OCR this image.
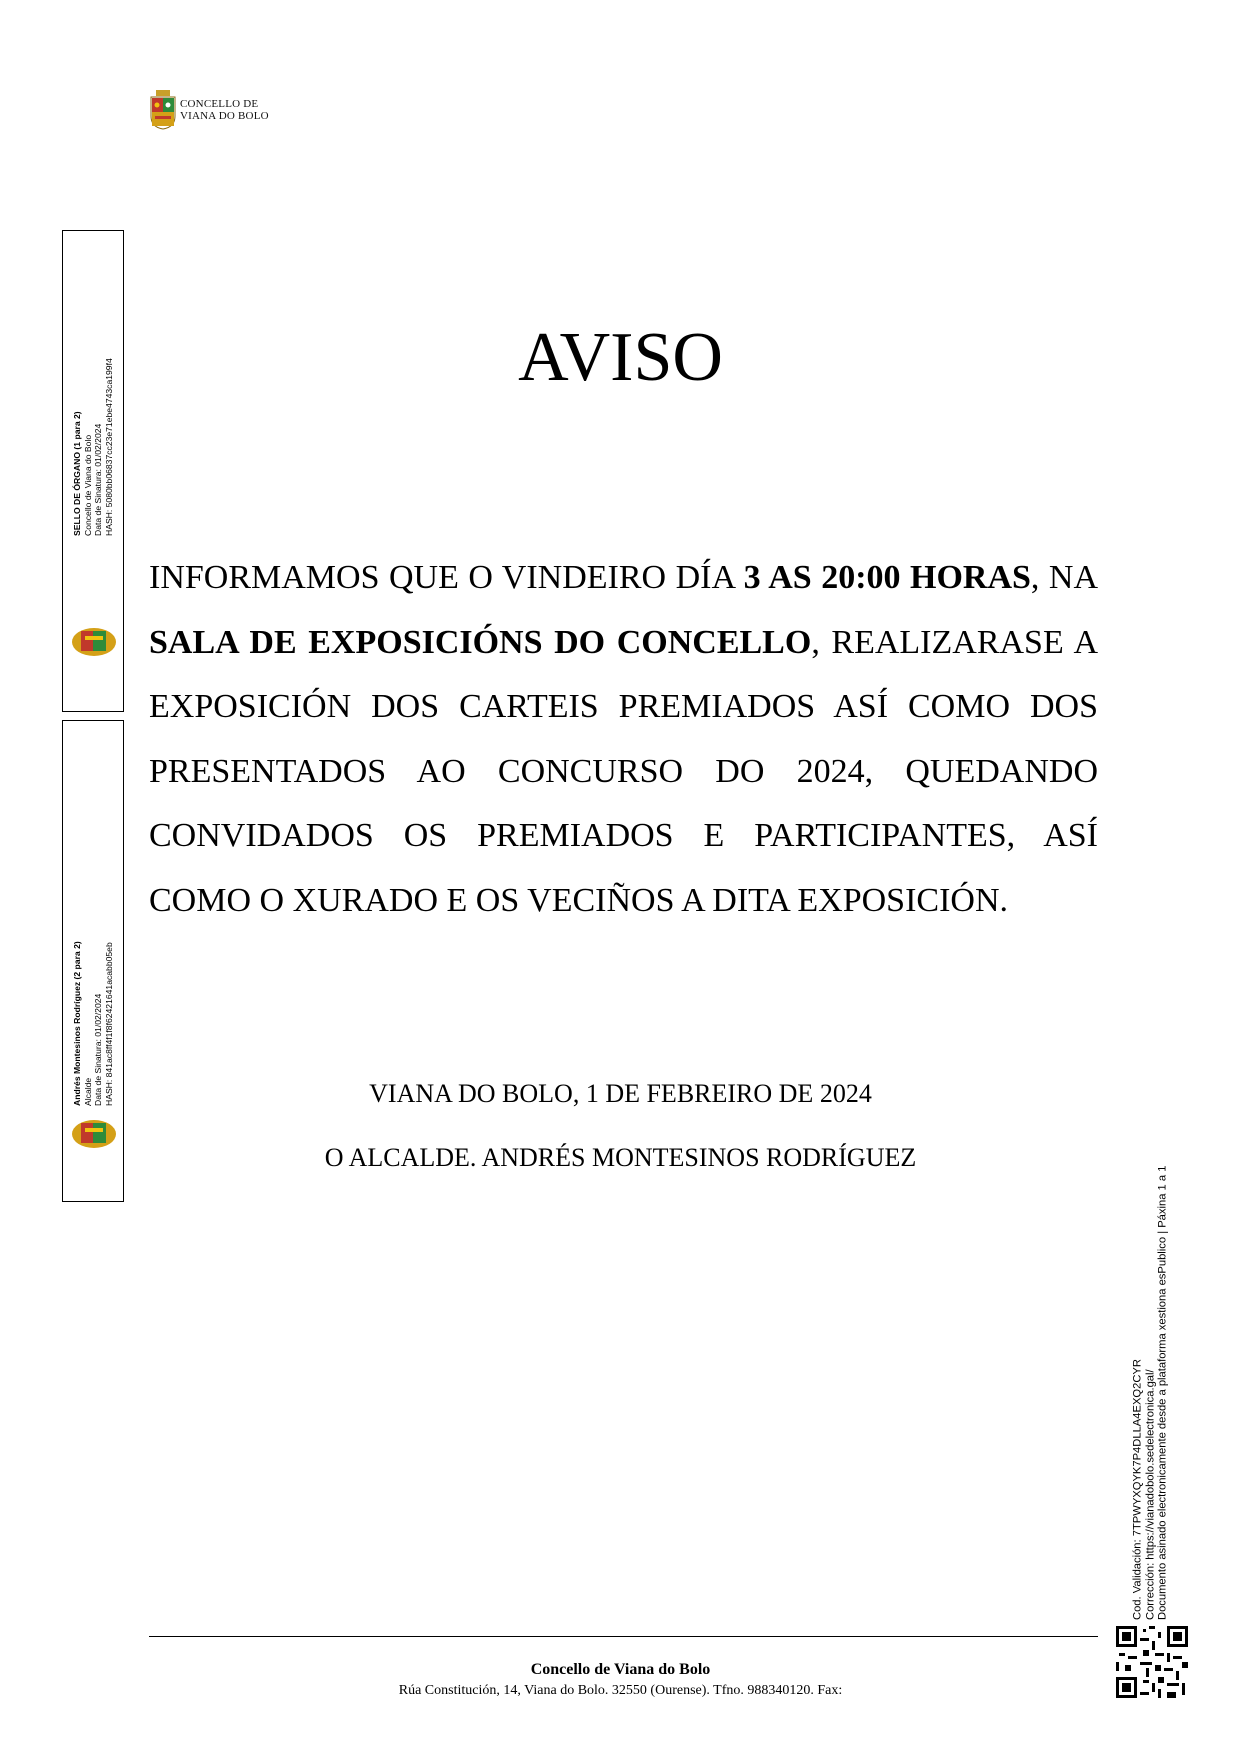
CONCELLO DE
VIANA DO BOLO
SELLO DE ÓRGANO (1 para 2) Concello de Viana do Bolo Data de Sinatura: 01/02/2024 HASH: 5080bb06837cc23e71ebe4743ca199f4
Andrés Montesinos Rodríguez (2 para 2) Alcalde Data de Sinatura: 01/02/2024 HASH: 841ac8ff4f1f8f62421641acabb05eb
AVISO
INFORMAMOS QUE O VINDEIRO DÍA 3 AS 20:00 HORAS, NA SALA DE EXPOSICIÓNS DO CONCELLO, REALIZARASE A EXPOSICIÓN DOS CARTEIS PREMIADOS ASÍ COMO DOS PRESENTADOS AO CONCURSO DO 2024, QUEDANDO CONVIDADOS OS PREMIADOS E PARTICIPANTES, ASÍ COMO O XURADO E OS VECIÑOS A DITA EXPOSICIÓN.
VIANA DO BOLO, 1 DE FEBREIRO DE 2024
O ALCALDE. ANDRÉS MONTESINOS RODRÍGUEZ
Cod. Validación: 7TPWYXQYK7P4DLLA4EXQ2CYR Corrección: https://vianadobolo.sedelectronica.gal/ Documento asinado electronicamente desde a plataforma xestiona esPublico | Páxina 1 a 1
Concello de Viana do Bolo
Rúa Constitución, 14, Viana do Bolo. 32550 (Ourense). Tfno. 988340120. Fax:
